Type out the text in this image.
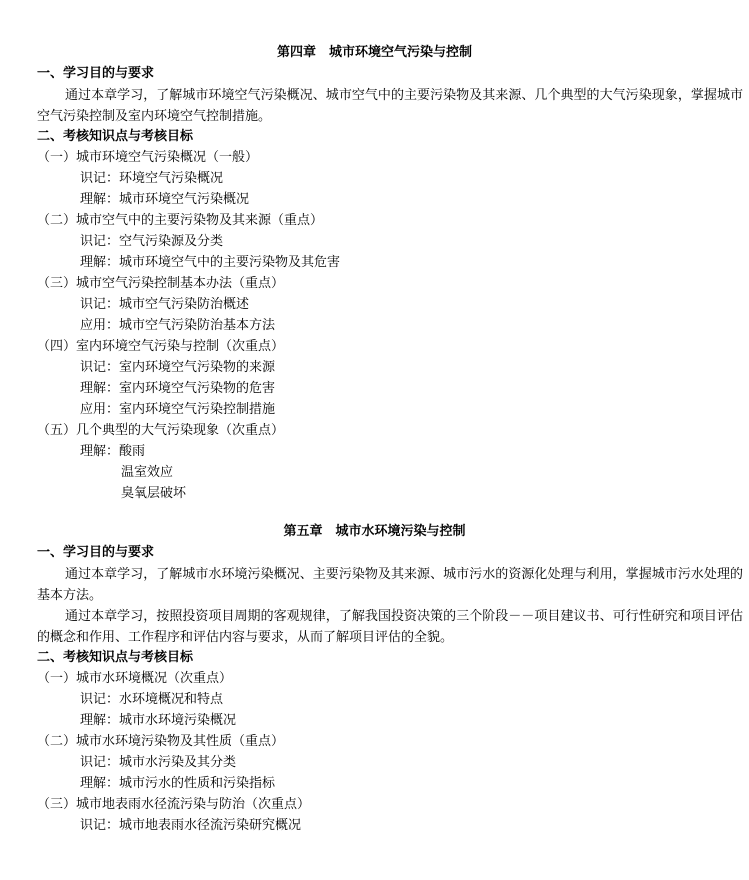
第四章　城市环境空气污染与控制
一、学习目的与要求
通过本章学习，了解城市环境空气污染概况、城市空气中的主要污染物及其来源、几个典型的大气污染现象，掌握城市空气污染控制及室内环境空气控制措施。
二、考核知识点与考核目标
（一）城市环境空气污染概况（一般）
识记：环境空气污染概况
理解：城市环境空气污染概况
（二）城市空气中的主要污染物及其来源（重点）
识记：空气污染源及分类
理解：城市环境空气中的主要污染物及其危害
（三）城市空气污染控制基本办法（重点）
识记：城市空气污染防治概述
应用：城市空气污染防治基本方法
（四）室内环境空气污染与控制（次重点）
识记：室内环境空气污染物的来源
理解：室内环境空气污染物的危害
应用：室内环境空气污染控制措施
（五）几个典型的大气污染现象（次重点）
理解：酸雨
温室效应
臭氧层破坏
第五章　城市水环境污染与控制
一、学习目的与要求
通过本章学习，了解城市水环境污染概况、主要污染物及其来源、城市污水的资源化处理与利用，掌握城市污水处理的基本方法。
通过本章学习，按照投资项目周期的客观规律，了解我国投资决策的三个阶段－－项目建议书、可行性研究和项目评估的概念和作用、工作程序和评估内容与要求，从而了解项目评估的全貌。
二、考核知识点与考核目标
（一）城市水环境概况（次重点）
识记：水环境概况和特点
理解：城市水环境污染概况
（二）城市水环境污染物及其性质（重点）
识记：城市水污染及其分类
理解：城市污水的性质和污染指标
（三）城市地表雨水径流污染与防治（次重点）
识记：城市地表雨水径流污染研究概况
